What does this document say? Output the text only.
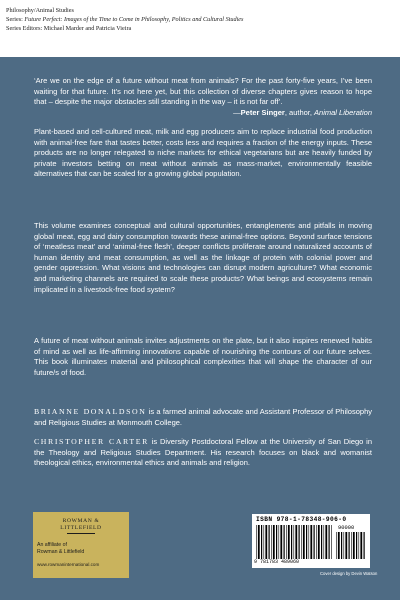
Philosophy/Animal Studies
Series: Future Perfect: Images of the Time to Come in Philosophy, Politics and Cultural Studies
Series Editors: Michael Marder and Patricia Vieira
‘Are we on the edge of a future without meat from animals? For the past forty-five years, I’ve been waiting for that future. It’s not here yet, but this collection of diverse chapters gives reason to hope that – despite the major obstacles still standing in the way – it is not far off’.
—Peter Singer, author, Animal Liberation
Plant-based and cell-cultured meat, milk and egg producers aim to replace industrial food production with animal-free fare that tastes better, costs less and requires a fraction of the energy inputs. These products are no longer relegated to niche markets for ethical vegetarians but are heavily funded by private investors betting on meat without animals as mass-market, environmentally feasible alternatives that can be scaled for a growing global population.
This volume examines conceptual and cultural opportunities, entanglements and pitfalls in moving global meat, egg and dairy consumption towards these animal-free options. Beyond surface tensions of ‘meatless meat’ and ‘animal-free flesh’, deeper conflicts proliferate around naturalized accounts of human identity and meat consumption, as well as the linkage of protein with colonial power and gender oppression. What visions and technologies can disrupt modern agriculture? What economic and marketing channels are required to scale these products? What beings and ecosystems remain implicated in a livestock-free food system?
A future of meat without animals invites adjustments on the plate, but it also inspires renewed habits of mind as well as life-affirming innovations capable of nourishing the contours of our future selves. This book illuminates material and philosophical complexities that will shape the character of our future/s of food.
BRIANNE DONALDSON is a farmed animal advocate and Assistant Professor of Philosophy and Religious Studies at Monmouth College.
CHRISTOPHER CARTER is Diversity Postdoctoral Fellow at the University of San Diego in the Theology and Religious Studies Department. His research focuses on black and womanist theological ethics, environmental ethics and animals and religion.
ROWMAN &
LITTLEFIELD
An affiliate of
Rowman & Littlefield
www.rowmaninternational.com
ISBN 978-1-78348-906-0
90000
9 781783 489060
Cover design by Devin Watson
